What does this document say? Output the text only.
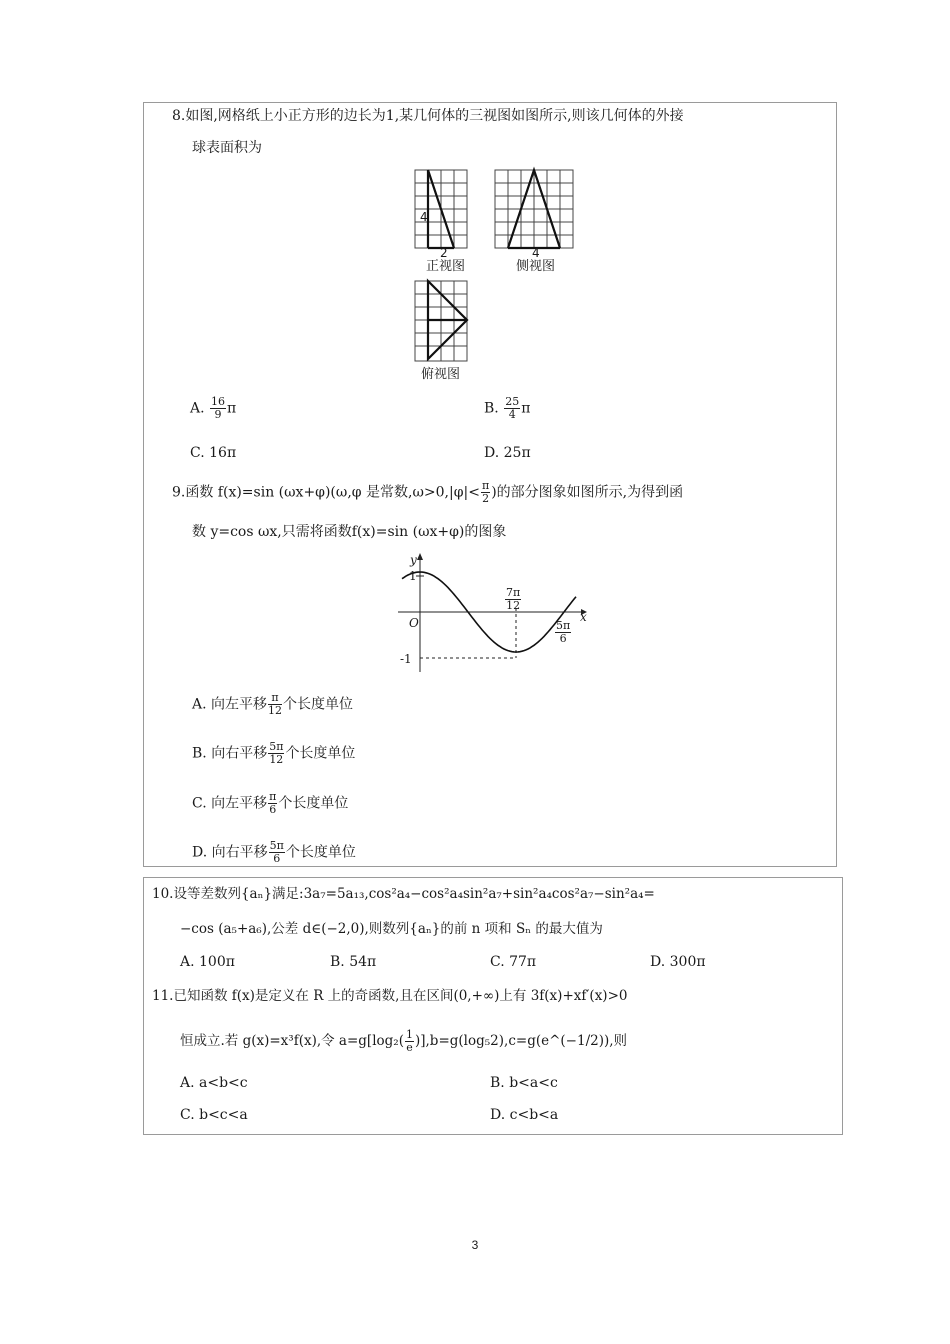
8.如图,网格纸上小正方形的边长为1,某几何体的三视图如图所示,则该几何体的外接
球表面积为
4
2
正视图
4
侧视图
俯视图
A. $\frac{16}{9}$ π	B. $\frac{25}{4}$ π
C. 16π	D. 25π
9.函数 f(x)=sin (ωx+φ)(ω,φ 是常数$,\omega>0,|\varphi|< \frac{\pi}{2}$ )的部分图象如图所示,为得到函
数 y=cos ωx,只需将函数f(x)=sin (ωx+φ)的图象
y
x
O
1
-1
$\frac{7\pi}{12}$
$\frac{5\pi}{6}$
A. 向左平移 $\frac{\pi}{12}$ 个长度单位
B. 向右平移 $\frac{5\pi}{12}$ 个长度单位
C. 向左平移 $\frac{\pi}{6}$ 个长度单位
D. 向右平移 $\frac{5\pi}{6}$ 个长度单位
10.设等差数列{aₙ}满足:3a₇=5a₁₃,cos²a₄−cos²a₄sin²a₇+sin²a₄cos²a₇−sin²a₄=
−cos (a₅+a₆),公差 d∈(−2,0),则数列{aₙ}的前 n 项和 Sₙ 的最大值为
A. 100π	B. 54π	C. 77π	D. 300π
11.已知函数 f(x)是定义在 R 上的奇函数,且在区间(0,+∞)上有 3f(x)+xf′(x)>0
恒成立.若 g(x)=x³f(x),令 $a=g[\log_2( \frac{1}{e}$ )],b=g(log₅2),c=g(e^(−1/2)),则
A. a<b<c	B. b<a<c
C. b<c<a	D. c<b<a
3
